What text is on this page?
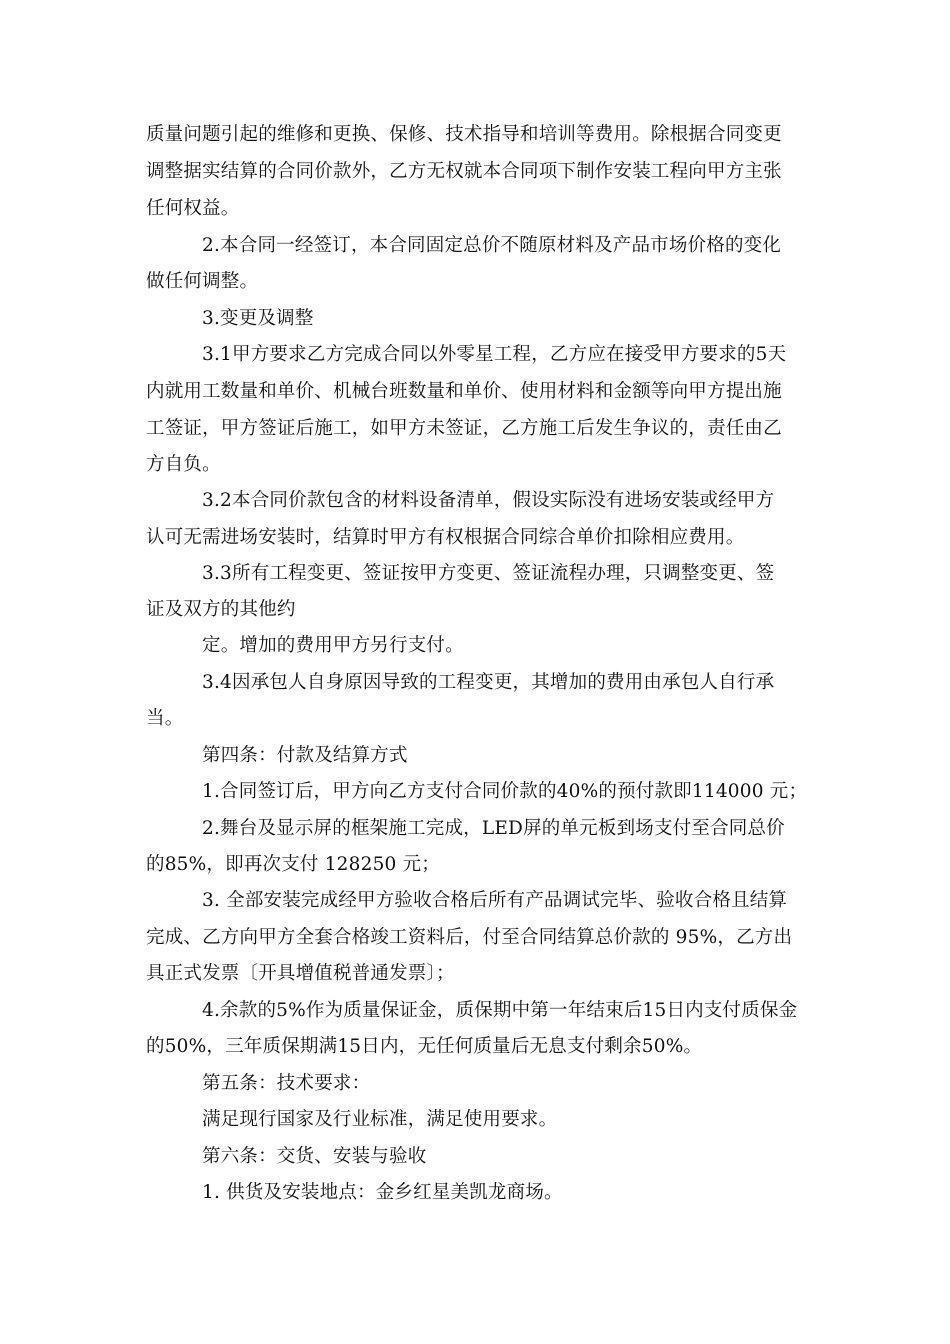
质量问题引起的维修和更换、保修、技术指导和培训等费用。除根据合同变更
调整据实结算的合同价款外，乙方无权就本合同项下制作安装工程向甲方主张
任何权益。
2.本合同一经签订，本合同固定总价不随原材料及产品市场价格的变化
做任何调整。
3.变更及调整
3.1甲方要求乙方完成合同以外零星工程，乙方应在接受甲方要求的5天
内就用工数量和单价、机械台班数量和单价、使用材料和金额等向甲方提出施
工签证，甲方签证后施工，如甲方未签证，乙方施工后发生争议的，责任由乙
方自负。
3.2本合同价款包含的材料设备清单，假设实际没有进场安装或经甲方
认可无需进场安装时，结算时甲方有权根据合同综合单价扣除相应费用。
3.3所有工程变更、签证按甲方变更、签证流程办理，只调整变更、签
证及双方的其他约
定。增加的费用甲方另行支付。
3.4因承包人自身原因导致的工程变更，其增加的费用由承包人自行承
当。
第四条：付款及结算方式
1.合同签订后，甲方向乙方支付合同价款的40%的预付款即114000 元；
2.舞台及显示屏的框架施工完成，LED屏的单元板到场支付至合同总价
的85%，即再次支付 128250 元；
3. 全部安装完成经甲方验收合格后所有产品调试完毕、验收合格且结算
完成、乙方向甲方全套合格竣工资料后，付至合同结算总价款的 95%，乙方出
具正式发票〔开具增值税普通发票〕；
4.余款的5%作为质量保证金，质保期中第一年结束后15日内支付质保金
的50%，三年质保期满15日内，无任何质量后无息支付剩余50%。
第五条：技术要求：
满足现行国家及行业标准，满足使用要求。
第六条：交货、安装与验收
1. 供货及安装地点：金乡红星美凯龙商场。
